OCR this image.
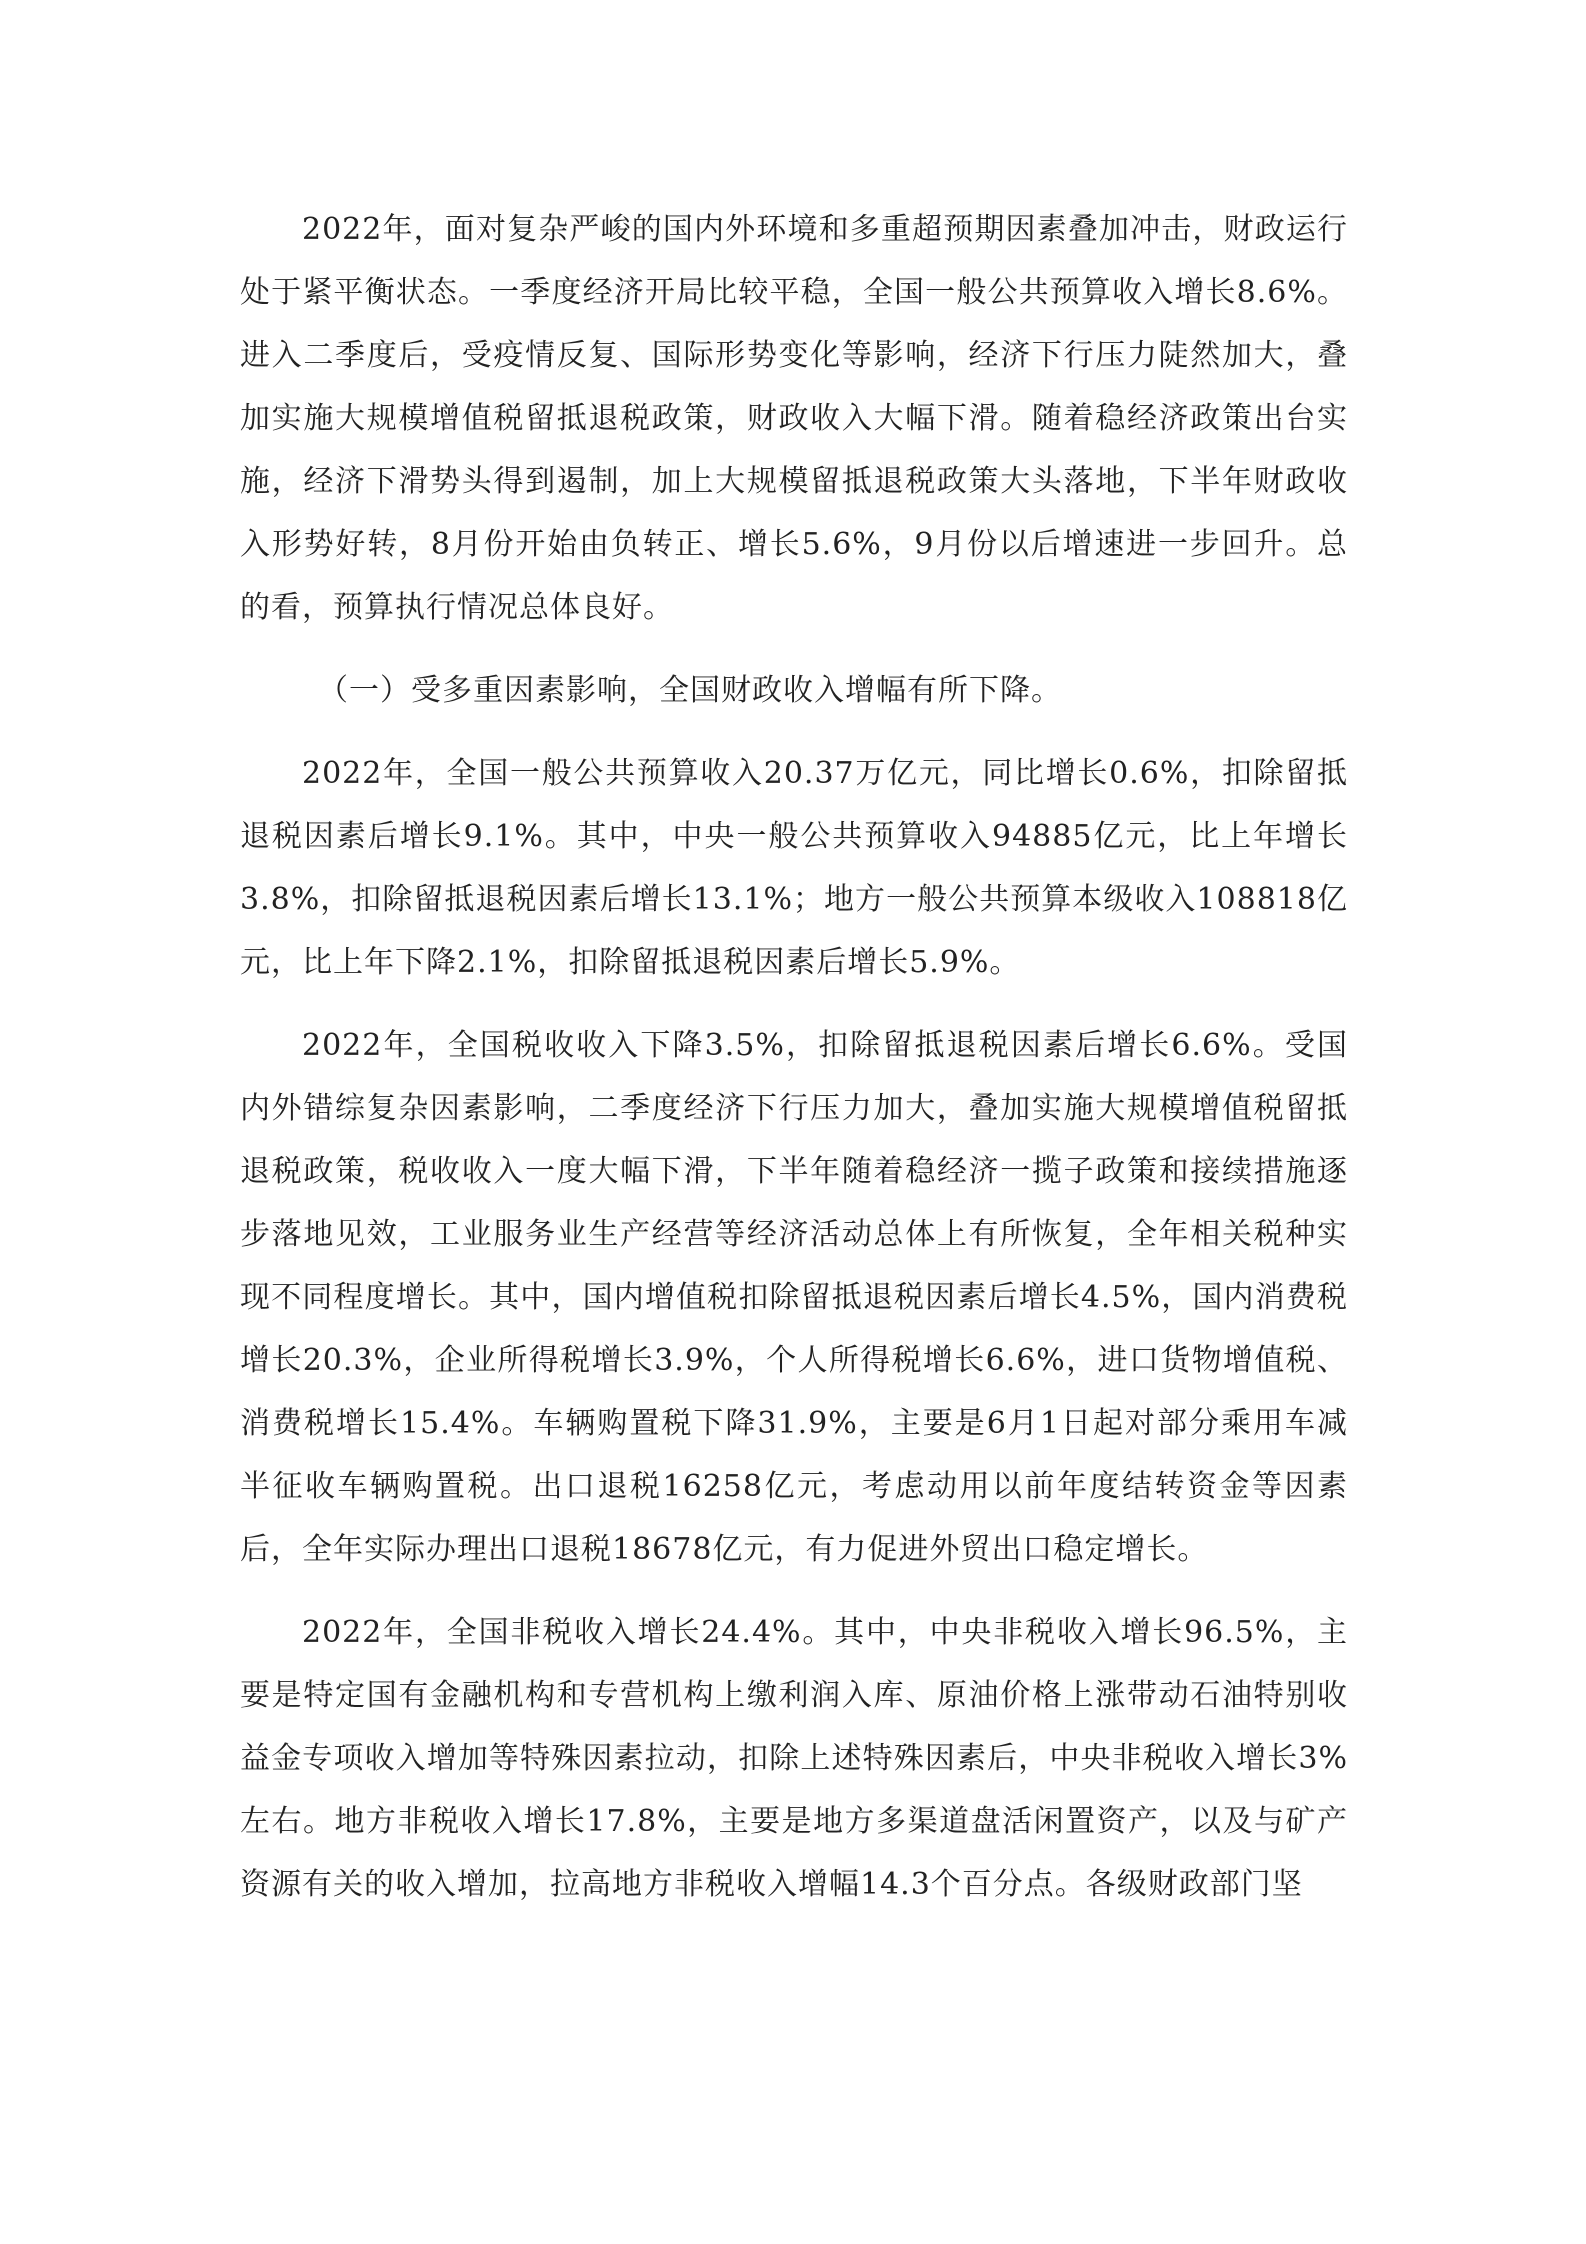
2022年，面对复杂严峻的国内外环境和多重超预期因素叠加冲击，财政运行处于紧平衡状态。一季度经济开局比较平稳，全国一般公共预算收入增长8.6%。进入二季度后，受疫情反复、国际形势变化等影响，经济下行压力陡然加大，叠加实施大规模增值税留抵退税政策，财政收入大幅下滑。随着稳经济政策出台实施，经济下滑势头得到遏制，加上大规模留抵退税政策大头落地，下半年财政收入形势好转，8月份开始由负转正、增长5.6%，9月份以后增速进一步回升。总的看，预算执行情况总体良好。

（一）受多重因素影响，全国财政收入增幅有所下降。

2022年，全国一般公共预算收入20.37万亿元，同比增长0.6%，扣除留抵退税因素后增长9.1%。其中，中央一般公共预算收入94885亿元，比上年增长3.8%，扣除留抵退税因素后增长13.1%；地方一般公共预算本级收入108818亿元，比上年下降2.1%，扣除留抵退税因素后增长5.9%。

2022年，全国税收收入下降3.5%，扣除留抵退税因素后增长6.6%。受国内外错综复杂因素影响，二季度经济下行压力加大，叠加实施大规模增值税留抵退税政策，税收收入一度大幅下滑，下半年随着稳经济一揽子政策和接续措施逐步落地见效，工业服务业生产经营等经济活动总体上有所恢复，全年相关税种实现不同程度增长。其中，国内增值税扣除留抵退税因素后增长4.5%，国内消费税增长20.3%，企业所得税增长3.9%，个人所得税增长6.6%，进口货物增值税、消费税增长15.4%。车辆购置税下降31.9%，主要是6月1日起对部分乘用车减半征收车辆购置税。出口退税16258亿元，考虑动用以前年度结转资金等因素后，全年实际办理出口退税18678亿元，有力促进外贸出口稳定增长。

2022年，全国非税收入增长24.4%。其中，中央非税收入增长96.5%，主要是特定国有金融机构和专营机构上缴利润入库、原油价格上涨带动石油特别收益金专项收入增加等特殊因素拉动，扣除上述特殊因素后，中央非税收入增长3%左右。地方非税收入增长17.8%，主要是地方多渠道盘活闲置资产，以及与矿产资源有关的收入增加，拉高地方非税收入增幅14.3个百分点。各级财政部门坚
